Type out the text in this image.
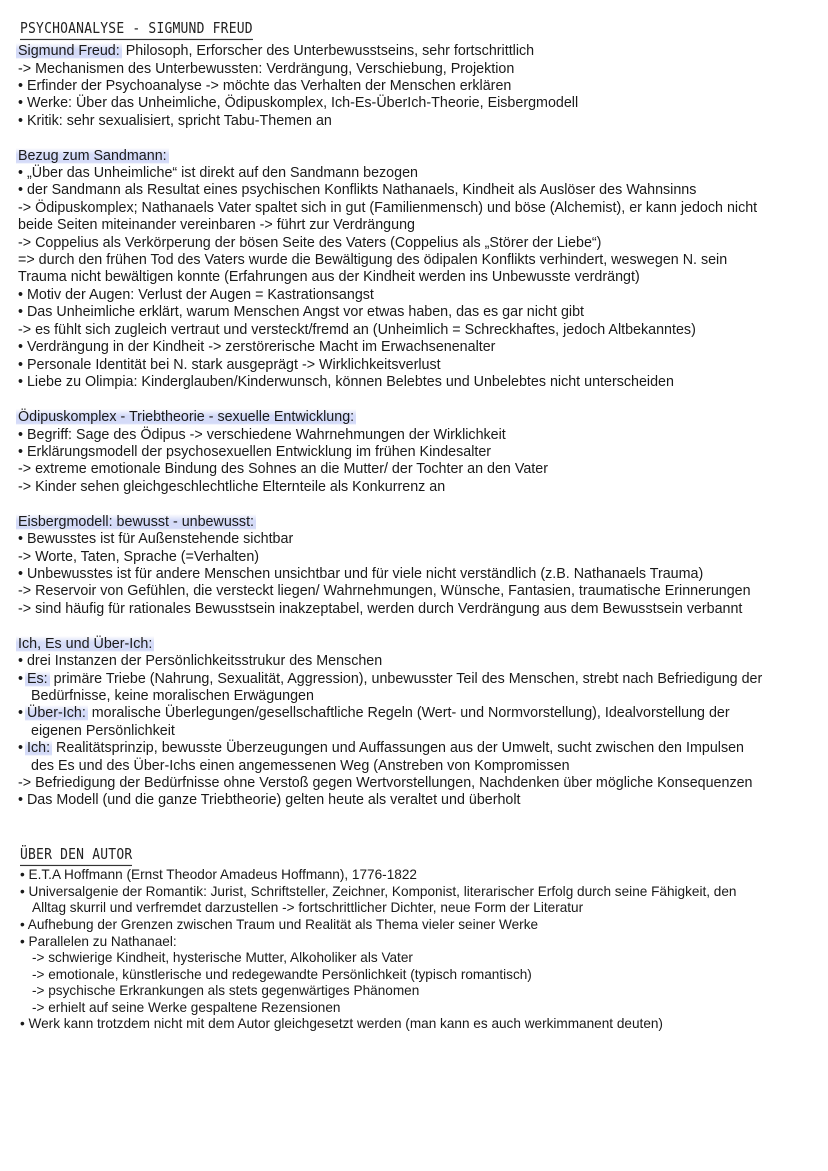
PSYCHOANALYSE - SIGMUND FREUD
Sigmund Freud: Philosoph, Erforscher des Unterbewusstseins, sehr fortschrittlich
-> Mechanismen des Unterbewussten: Verdrängung, Verschiebung, Projektion
• Erfinder der Psychoanalyse -> möchte das Verhalten der Menschen erklären
• Werke: Über das Unheimliche, Ödipuskomplex, Ich-Es-ÜberIch-Theorie, Eisbergmodell
• Kritik: sehr sexualisiert, spricht Tabu-Themen an
Bezug zum Sandmann:
• „Über das Unheimliche“ ist direkt auf den Sandmann bezogen
• der Sandmann als Resultat eines psychischen Konflikts Nathanaels, Kindheit als Auslöser des Wahnsinns
-> Ödipuskomplex; Nathanaels Vater spaltet sich in gut (Familienmensch) und böse (Alchemist), er kann jedoch nicht
beide Seiten miteinander vereinbaren -> führt zur Verdrängung
-> Coppelius als Verkörperung der bösen Seite des Vaters (Coppelius als „Störer der Liebe“)
=> durch den frühen Tod des Vaters wurde die Bewältigung des ödipalen Konflikts verhindert, weswegen N. sein
Trauma nicht bewältigen konnte (Erfahrungen aus der Kindheit werden ins Unbewusste verdrängt)
• Motiv der Augen: Verlust der Augen = Kastrationsangst
• Das Unheimliche erklärt, warum Menschen Angst vor etwas haben, das es gar nicht gibt
-> es fühlt sich zugleich vertraut und versteckt/fremd an (Unheimlich = Schreckhaftes, jedoch Altbekanntes)
• Verdrängung in der Kindheit -> zerstörerische Macht im Erwachsenenalter
• Personale Identität bei N. stark ausgeprägt -> Wirklichkeitsverlust
• Liebe zu Olimpia: Kinderglauben/Kinderwunsch, können Belebtes und Unbelebtes nicht unterscheiden
Ödipuskomplex - Triebtheorie - sexuelle Entwicklung:
• Begriff: Sage des Ödipus -> verschiedene Wahrnehmungen der Wirklichkeit
• Erklärungsmodell der psychosexuellen Entwicklung im frühen Kindesalter
-> extreme emotionale Bindung des Sohnes an die Mutter/ der Tochter an den Vater
-> Kinder sehen gleichgeschlechtliche Elternteile als Konkurrenz an
Eisbergmodell: bewusst - unbewusst:
• Bewusstes ist für Außenstehende sichtbar
-> Worte, Taten, Sprache (=Verhalten)
• Unbewusstes ist für andere Menschen unsichtbar und für viele nicht verständlich (z.B. Nathanaels Trauma)
-> Reservoir von Gefühlen, die versteckt liegen/ Wahrnehmungen, Wünsche, Fantasien, traumatische Erinnerungen
-> sind häufig für rationales Bewusstsein inakzeptabel, werden durch Verdrängung aus dem Bewusstsein verbannt
Ich, Es und Über-Ich:
• drei Instanzen der Persönlichkeitsstrukur des Menschen
• Es: primäre Triebe (Nahrung, Sexualität, Aggression), unbewusster Teil des Menschen, strebt nach Befriedigung der
Bedürfnisse, keine moralischen Erwägungen
• Über-Ich: moralische Überlegungen/gesellschaftliche Regeln (Wert- und Normvorstellung), Idealvorstellung der
eigenen Persönlichkeit
• Ich: Realitätsprinzip, bewusste Überzeugungen und Auffassungen aus der Umwelt, sucht zwischen den Impulsen
des Es und des Über-Ichs einen angemessenen Weg (Anstreben von Kompromissen
-> Befriedigung der Bedürfnisse ohne Verstoß gegen Wertvorstellungen, Nachdenken über mögliche Konsequenzen
• Das Modell (und die ganze Triebtheorie) gelten heute als veraltet und überholt
ÜBER DEN AUTOR
• E.T.A Hoffmann (Ernst Theodor Amadeus Hoffmann), 1776-1822
• Universalgenie der Romantik: Jurist, Schriftsteller, Zeichner, Komponist, literarischer Erfolg durch seine Fähigkeit, den
Alltag skurril und verfremdet darzustellen -> fortschrittlicher Dichter, neue Form der Literatur
• Aufhebung der Grenzen zwischen Traum und Realität als Thema vieler seiner Werke
• Parallelen zu Nathanael:
-> schwierige Kindheit, hysterische Mutter, Alkoholiker als Vater
-> emotionale, künstlerische und redegewandte Persönlichkeit (typisch romantisch)
-> psychische Erkrankungen als stets gegenwärtiges Phänomen
-> erhielt auf seine Werke gespaltene Rezensionen
• Werk kann trotzdem nicht mit dem Autor gleichgesetzt werden (man kann es auch werkimmanent deuten)
